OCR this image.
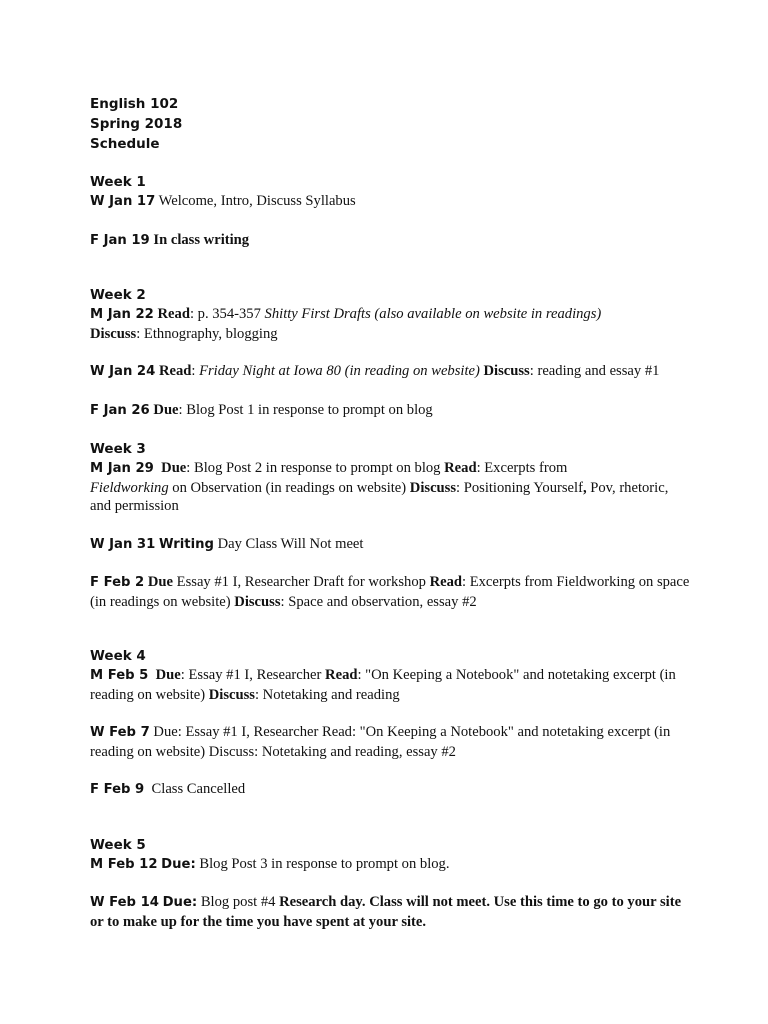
English 102
Spring 2018
Schedule
Week 1

W Jan 17 Welcome, Intro, Discuss Syllabus

F Jan 19 In class writing

Week 2

M Jan 22 Read: p. 354-357 Shitty First Drafts (also available on website in readings)
Discuss: Ethnography, blogging

W Jan 24 Read: Friday Night at Iowa 80 (in reading on website) Discuss: reading and essay #1

F Jan 26 Due: Blog Post 1 in response to prompt on blog

Week 3

M Jan 29 Due: Blog Post 2 in response to prompt on blog Read: Excerpts from
Fieldworking on Observation (in readings on website) Discuss: Positioning Yourself, Pov, rhetoric, and permission

W Jan 31 Writing Day Class Will Not meet

F Feb 2 Due Essay #1 I, Researcher Draft for workshop Read: Excerpts from Fieldworking on space (in readings on website) Discuss: Space and observation, essay #2

Week 4

M Feb 5 Due: Essay #1 I, Researcher Read: "On Keeping a Notebook" and notetaking excerpt (in reading on website) Discuss: Notetaking and reading

W Feb 7 Due: Essay #1 I, Researcher Read: "On Keeping a Notebook" and notetaking excerpt (in reading on website) Discuss: Notetaking and reading, essay #2

F Feb 9 Class Cancelled

Week 5

M Feb 12 Due: Blog Post 3 in response to prompt on blog.

W Feb 14 Due: Blog post #4 Research day. Class will not meet. Use this time to go to your site or to make up for the time you have spent at your site.
